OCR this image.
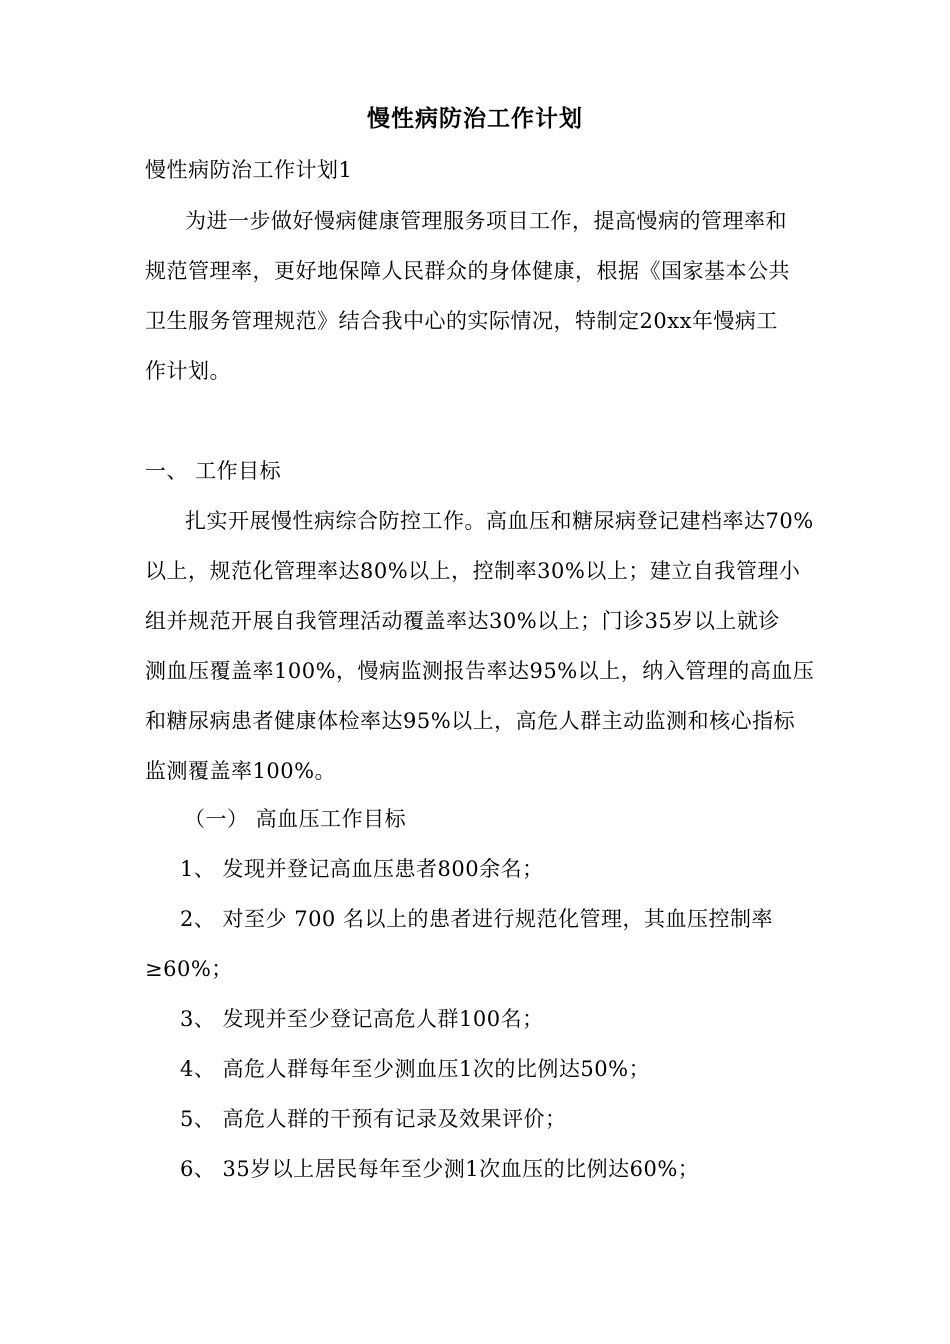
慢性病防治工作计划
慢性病防治工作计划1
为进一步做好慢病健康管理服务项目工作，提高慢病的管理率和
规范管理率，更好地保障人民群众的身体健康，根据《国家基本公共
卫生服务管理规范》结合我中心的实际情况，特制定20xx年慢病工
作计划。
一、 工作目标
扎实开展慢性病综合防控工作。高血压和糖尿病登记建档率达70%
以上，规范化管理率达80%以上，控制率30%以上；建立自我管理小
组并规范开展自我管理活动覆盖率达30%以上；门诊35岁以上就诊
测血压覆盖率100%，慢病监测报告率达95%以上，纳入管理的高血压
和糖尿病患者健康体检率达95%以上，高危人群主动监测和核心指标
监测覆盖率100%。
（一） 高血压工作目标
1、 发现并登记高血压患者800余名；
2、 对至少 700 名以上的患者进行规范化管理，其血压控制率
≥60%；
3、 发现并至少登记高危人群100名；
4、 高危人群每年至少测血压1次的比例达50%；
5、 高危人群的干预有记录及效果评价；
6、 35岁以上居民每年至少测1次血压的比例达60%；
